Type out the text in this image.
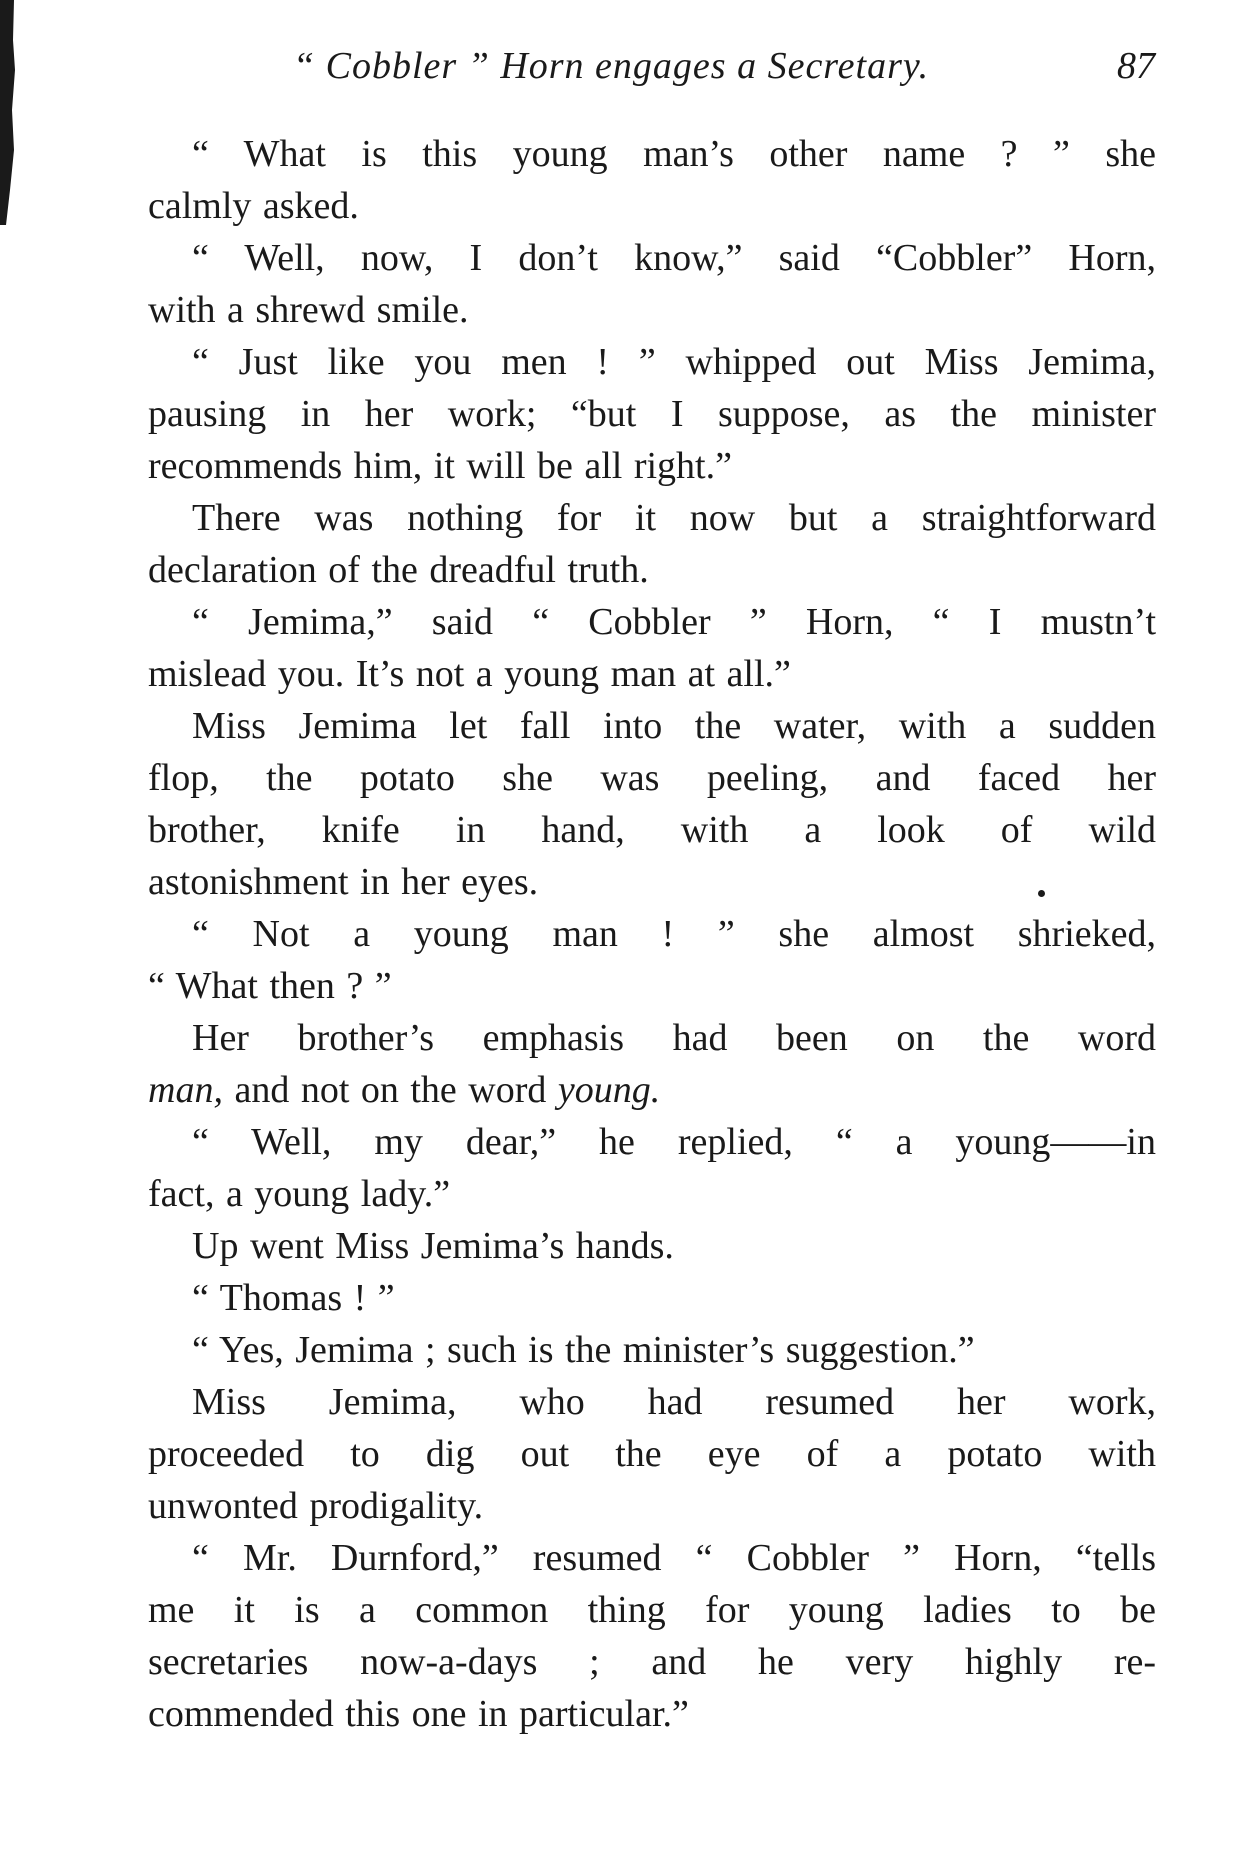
“ Cobbler ” Horn engages a Secretary.	87
“ What is this young man’s other name ? ” she
calmly asked.
“ Well, now, I don’t know,” said “Cobbler” Horn,
with a shrewd smile.
“ Just like you men ! ” whipped out Miss Jemima,
pausing in her work; “but I suppose, as the minister
recommends him, it will be all right.”
There was nothing for it now but a straightforward
declaration of the dreadful truth.
“ Jemima,” said “ Cobbler ” Horn, “ I mustn’t
mislead you. It’s not a young man at all.”
Miss Jemima let fall into the water, with a sudden
flop, the potato she was peeling, and faced her
brother, knife in hand, with a look of wild
astonishment in her eyes.
“ Not a young man ! ” she almost shrieked,
“ What then ? ”
Her brother’s emphasis had been on the word
man, and not on the word young.
“ Well, my dear,” he replied, “ a young——in
fact, a young lady.”
Up went Miss Jemima’s hands.
“ Thomas ! ”
“ Yes, Jemima ; such is the minister’s suggestion.”
Miss Jemima, who had resumed her work,
proceeded to dig out the eye of a potato with
unwonted prodigality.
“ Mr. Durnford,” resumed “ Cobbler ” Horn, “tells
me it is a common thing for young ladies to be
secretaries now-a-days ; and he very highly re-
commended this one in particular.”
